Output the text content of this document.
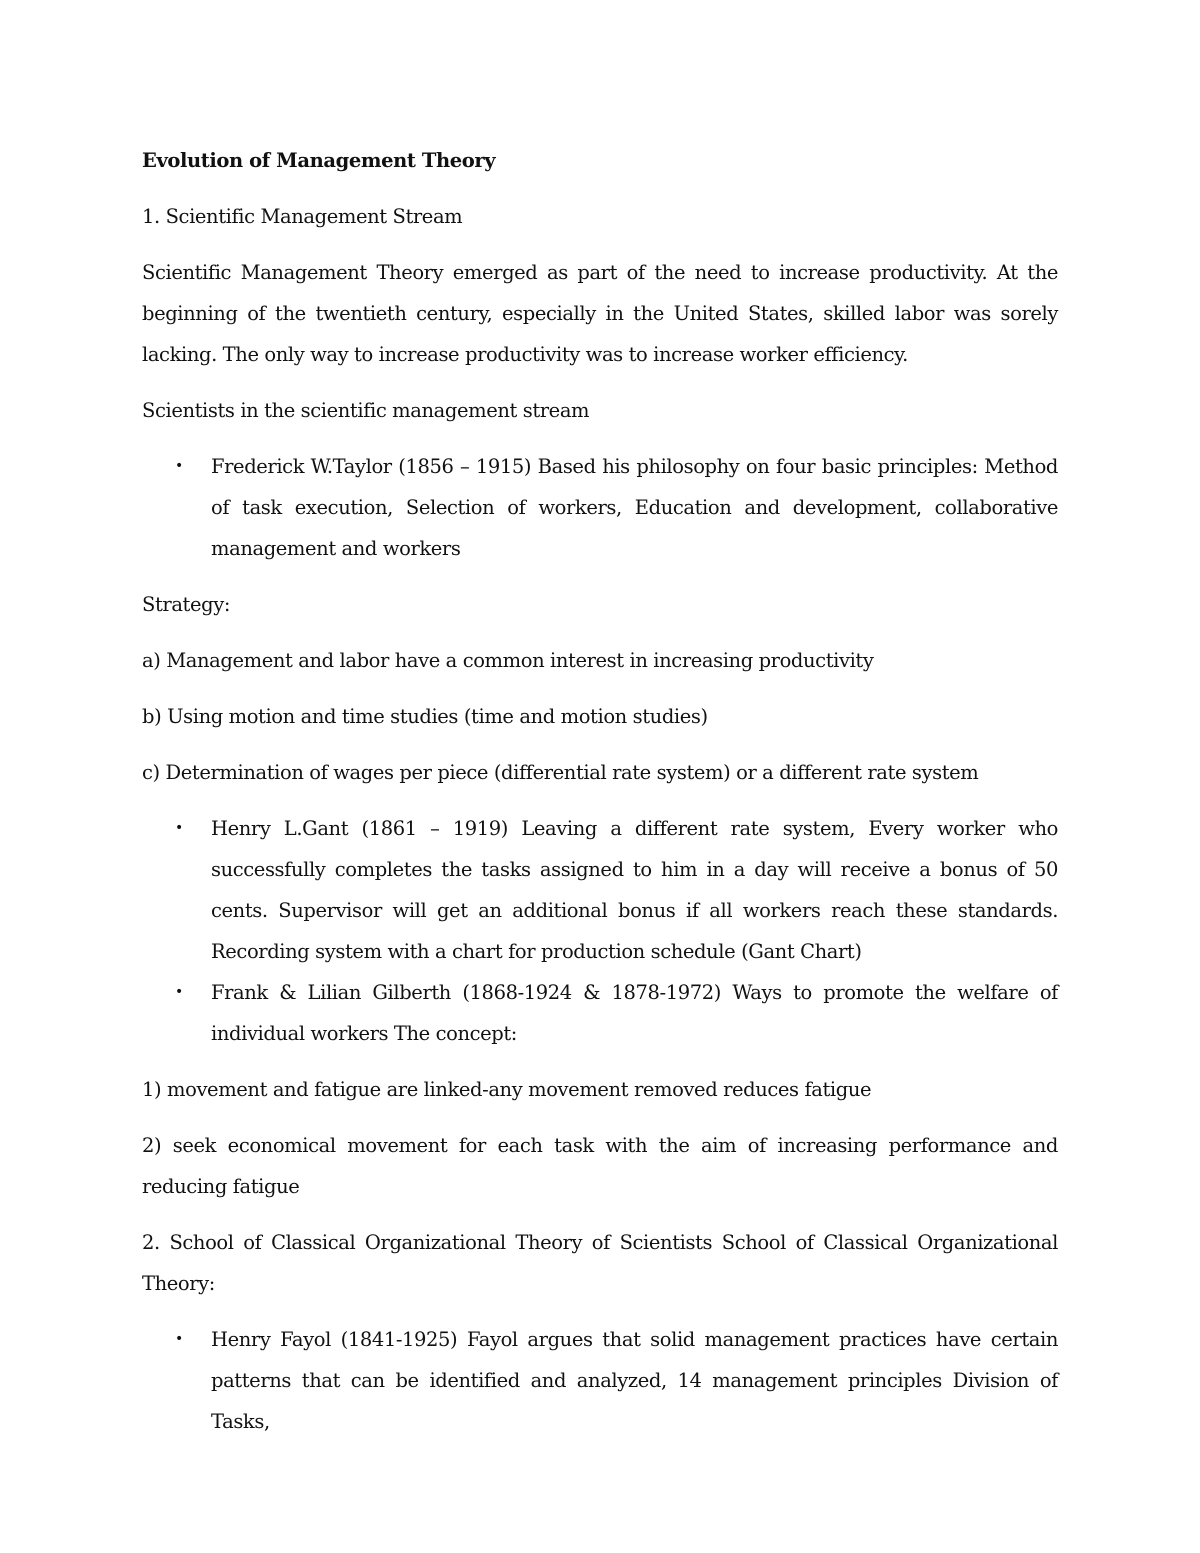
Evolution of Management Theory

1. Scientific Management Stream

Scientific Management Theory emerged as part of the need to increase productivity. At the beginning of the twentieth century, especially in the United States, skilled labor was sorely lacking. The only way to increase productivity was to increase worker efficiency.

Scientists in the scientific management stream

• Frederick W.Taylor (1856 – 1915) Based his philosophy on four basic principles: Method of task execution, Selection of workers, Education and development, collaborative management and workers

Strategy:

a) Management and labor have a common interest in increasing productivity

b) Using motion and time studies (time and motion studies)

c) Determination of wages per piece (differential rate system) or a different rate system

• Henry L.Gant (1861 – 1919) Leaving a different rate system, Every worker who successfully completes the tasks assigned to him in a day will receive a bonus of 50 cents. Supervisor will get an additional bonus if all workers reach these standards. Recording system with a chart for production schedule (Gant Chart)
• Frank & Lilian Gilberth (1868-1924 & 1878-1972) Ways to promote the welfare of individual workers The concept:

1) movement and fatigue are linked-any movement removed reduces fatigue

2) seek economical movement for each task with the aim of increasing performance and reducing fatigue

2. School of Classical Organizational Theory of Scientists School of Classical Organizational Theory:

• Henry Fayol (1841-1925) Fayol argues that solid management practices have certain patterns that can be identified and analyzed, 14 management principles Division of Tasks,
